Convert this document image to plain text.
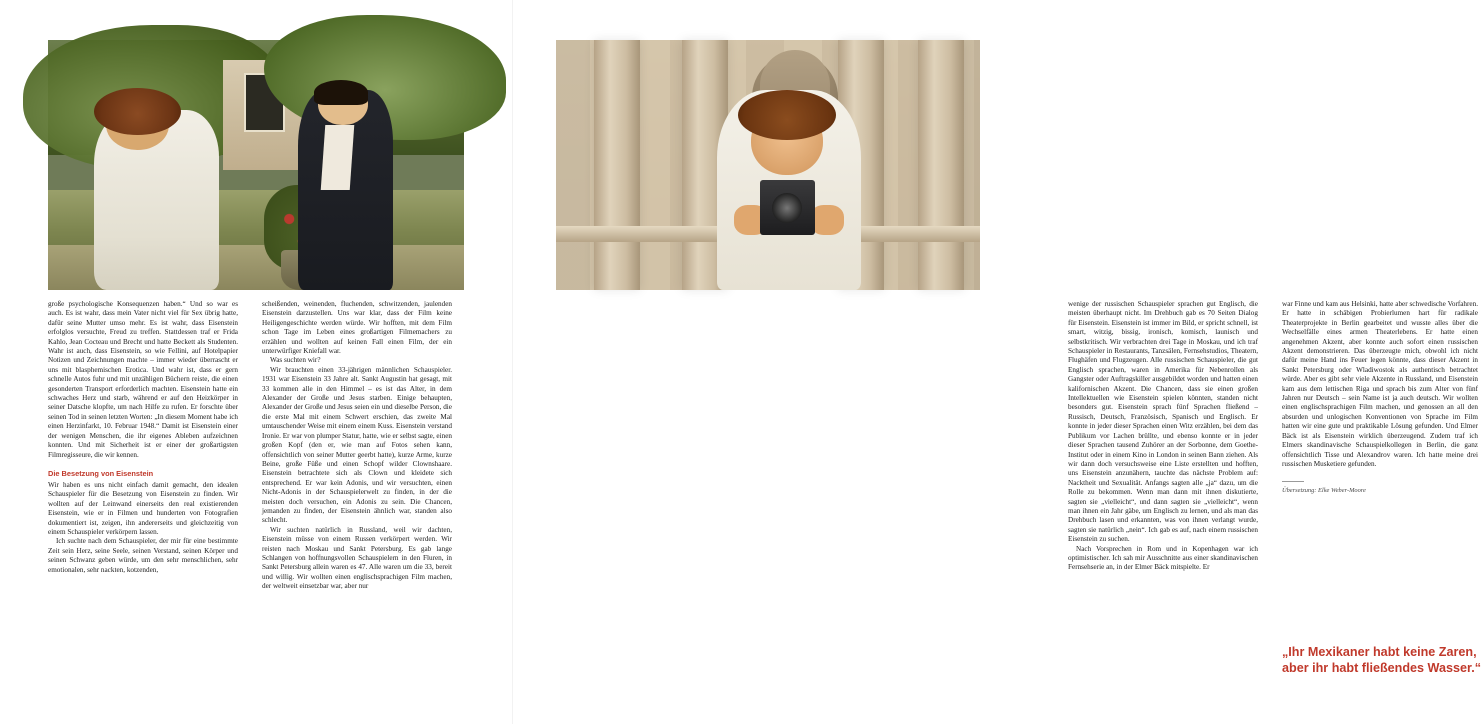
große psychologische Konsequenzen haben.“ Und so war es auch. Es ist wahr, dass mein Vater nicht viel für Sex übrig hatte, dafür seine Mutter umso mehr. Es ist wahr, dass Eisenstein erfolglos versuchte, Freud zu treffen. Stattdessen traf er Frida Kahlo, Jean Cocteau und Brecht und hatte Beckett als Studenten. Wahr ist auch, dass Eisenstein, so wie Fellini, auf Hotelpapier Notizen und Zeichnungen machte – immer wieder überrascht er uns mit blasphemischen Erotica. Und wahr ist, dass er gern schnelle Autos fuhr und mit unzähligen Büchern reiste, die einen gesonderten Transport erforderlich machten. Eisenstein hatte ein schwaches Herz und starb, während er auf den Heizkörper in seiner Datsche klopfte, um nach Hilfe zu rufen. Er forschte über seinen Tod in seinen letzten Worten: „In diesem Moment habe ich einen Herzinfarkt, 10. Februar 1948.“ Damit ist Eisenstein einer der wenigen Menschen, die ihr eigenes Ableben aufzeichnen konnten. Und mit Sicherheit ist er einer der großartigsten Filmregisseure, die wir kennen.

Die Besetzung von Eisenstein

Wir haben es uns nicht einfach damit gemacht, den idealen Schauspieler für die Besetzung von Eisenstein zu finden. Wir wollten auf der Leinwand einerseits den real existierenden Eisenstein, wie er in Filmen und hunderten von Fotografien dokumentiert ist, zeigen, ihn andererseits und gleichzeitig von einem Schauspieler verkörpern lassen.

Ich suchte nach dem Schauspieler, der mir für eine bestimmte Zeit sein Herz, seine Seele, seinen Verstand, seinen Körper und seinen Schwanz geben würde, um den sehr menschlichen, sehr emotionalen, sehr nackten, kotzenden,

scheißenden, weinenden, fluchenden, schwitzenden, jaulenden Eisenstein darzustellen. Uns war klar, dass der Film keine Heiligengeschichte werden würde. Wir hofften, mit dem Film schon Tage im Leben eines großartigen Filmemachers zu erzählen und wollten auf keinen Fall einen Film, der ein unterwürfiger Kniefall war.

Was suchten wir?

Wir brauchten einen 33-jährigen männlichen Schauspieler. 1931 war Eisenstein 33 Jahre alt. Sankt Augustin hat gesagt, mit 33 kommen alle in den Himmel – es ist das Alter, in dem Alexander der Große und Jesus starben. Einige behaupten, Alexander der Große und Jesus seien ein und dieselbe Person, die die erste Mal mit einem Schwert erschien, das zweite Mal umtauschender Weise mit einem einem Kuss. Eisenstein verstand Ironie. Er war von plumper Statur, hatte, wie er selbst sagte, einen großen Kopf (den er, wie man auf Fotos sehen kann, offensichtlich von seiner Mutter geerbt hatte), kurze Arme, kurze Beine, große Füße und einen Schopf wilder Clownshaare. Eisenstein betrachtete sich als Clown und kleidete sich entsprechend. Er war kein Adonis, und wir versuchten, einen Nicht-Adonis in der Schauspielerwelt zu finden, in der die meisten doch versuchen, ein Adonis zu sein. Die Chancen, jemanden zu finden, der Eisenstein ähnlich war, standen also schlecht.

Wir suchten natürlich in Russland, weil wir dachten, Eisenstein müsse von einem Russen verkörpert werden. Wir reisten nach Moskau und Sankt Petersburg. Es gab lange Schlangen von hoffnungsvollen Schauspielern in den Fluren, in Sankt Petersburg allein waren es 47. Alle waren um die 33, bereit und willig. Wir wollten einen englischsprachigen Film machen, der weltweit einsetzbar war, aber nur

wenige der russischen Schauspieler sprachen gut Englisch, die meisten überhaupt nicht. Im Drehbuch gab es 70 Seiten Dialog für Eisenstein. Eisenstein ist immer im Bild, er spricht schnell, ist smart, witzig, bissig, ironisch, komisch, launisch und selbstkritisch. Wir verbrachten drei Tage in Moskau, und ich traf Schauspieler in Restaurants, Tanzsälen, Fernsehstudios, Theatern, Flughäfen und Flugzeugen. Alle russischen Schauspieler, die gut Englisch sprachen, waren in Amerika für Nebenrollen als Gangster oder Auftragskiller ausgebildet worden und hatten einen kalifornischen Akzent. Die Chancen, dass sie einen großen Intellektuellen wie Eisenstein spielen könnten, standen nicht besonders gut. Eisenstein sprach fünf Sprachen fließend – Russisch, Deutsch, Französisch, Spanisch und Englisch. Er konnte in jeder dieser Sprachen einen Witz erzählen, bei dem das Publikum vor Lachen brüllte, und ebenso konnte er in jeder dieser Sprachen tausend Zuhörer an der Sorbonne, dem Goethe-Institut oder in einem Kino in London in seinen Bann ziehen. Als wir dann doch versuchsweise eine Liste erstellten und hofften, uns Eisenstein anzunähern, tauchte das nächste Problem auf: Nacktheit und Sexualität. Anfangs sagten alle „ja“ dazu, um die Rolle zu bekommen. Wenn man dann mit ihnen diskutierte, sagten sie „vielleicht“, und dann sagten sie „vielleicht“, wenn man ihnen ein Jahr gäbe, um Englisch zu lernen, und als man das Drehbuch lasen und erkannten, was von ihnen verlangt wurde, sagten sie natürlich „nein“. Ich gab es auf, nach einem russischen Eisenstein zu suchen.

Nach Vorsprechen in Rom und in Kopenhagen war ich optimistischer. Ich sah mir Ausschnitte aus einer skandinavischen Fernsehserie an, in der Elmer Bäck mitspielte. Er

war Finne und kam aus Helsinki, hatte aber schwedische Vorfahren. Er hatte in schäbigen Probierlumen hart für radikale Theaterprojekte in Berlin gearbeitet und wusste alles über die Wechselfälle eines armen Theaterlebens. Er hatte einen angenehmen Akzent, aber konnte auch sofort einen russischen Akzent demonstrieren. Das überzeugte mich, obwohl ich nicht dafür meine Hand ins Feuer legen könnte, dass dieser Akzent in Sankt Petersburg oder Wladiwostok als authentisch betrachtet würde. Aber es gibt sehr viele Akzente in Russland, und Eisenstein kam aus dem lettischen Riga und sprach bis zum Alter von fünf Jahren nur Deutsch – sein Name ist ja auch deutsch. Wir wollten einen englischsprachigen Film machen, und genossen an all den absurden und unlogischen Konventionen von Sprache im Film hatten wir eine gute und praktikable Lösung gefunden. Und Elmer Bäck ist als Eisenstein wirklich überzeugend. Zudem traf ich Elmers skandinavische Schauspielkollegen in Berlin, die ganz offensichtlich Tisse und Alexandrov waren. Ich hatte meine drei russischen Musketiere gefunden.

Übersetzung: Elke Weber-Moore
„Ihr Mexikaner habt keine Zaren, aber ihr habt fließendes Wasser.“
